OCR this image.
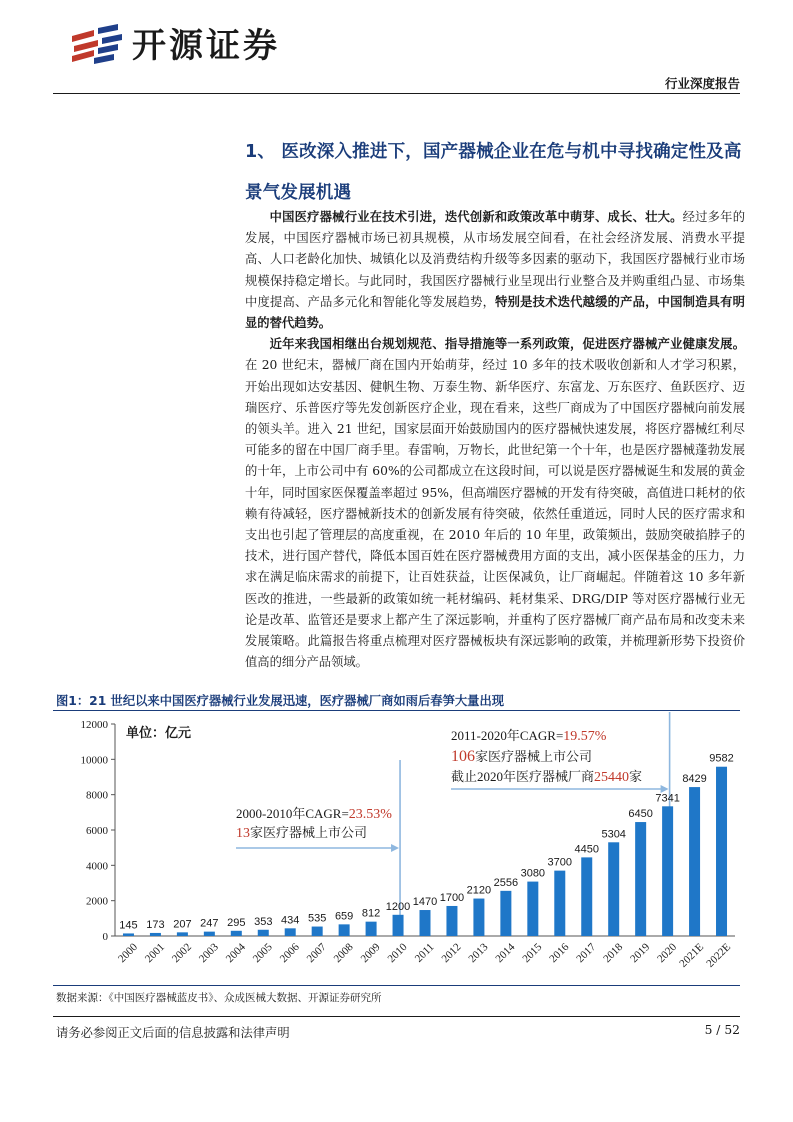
开源证券
行业深度报告
1、 医改深入推进下，国产器械企业在危与机中寻找确定性及高景气发展机遇

中国医疗器械行业在技术引进，迭代创新和政策改革中萌芽、成长、壮大。经过多年的发展，中国医疗器械市场已初具规模，从市场发展空间看，在社会经济发展、消费水平提高、人口老龄化加快、城镇化以及消费结构升级等多因素的驱动下，我国医疗器械行业市场规模保持稳定增长。与此同时，我国医疗器械行业呈现出行业整合及并购重组凸显、市场集中度提高、产品多元化和智能化等发展趋势，特别是技术迭代越缓的产品，中国制造具有明显的替代趋势。

近年来我国相继出台规划规范、指导措施等一系列政策，促进医疗器械产业健康发展。在 20 世纪末，器械厂商在国内开始萌芽，经过 10 多年的技术吸收创新和人才学习积累，开始出现如达安基因、健帆生物、万泰生物、新华医疗、东富龙、万东医疗、鱼跃医疗、迈瑞医疗、乐普医疗等先发创新医疗企业，现在看来，这些厂商成为了中国医疗器械向前发展的领头羊。进入 21 世纪，国家层面开始鼓励国内的医疗器械快速发展，将医疗器械红利尽可能多的留在中国厂商手里。春雷响，万物长，此世纪第一个十年，也是医疗器械蓬勃发展的十年，上市公司中有 60%的公司都成立在这段时间，可以说是医疗器械诞生和发展的黄金十年，同时国家医保覆盖率超过 95%，但高端医疗器械的开发有待突破，高值进口耗材的依赖有待减轻，医疗器械新技术的创新发展有待突破，依然任重道远，同时人民的医疗需求和支出也引起了管理层的高度重视，在 2010 年后的 10 年里，政策频出，鼓励突破掐脖子的技术，进行国产替代，降低本国百姓在医疗器械费用方面的支出，减小医保基金的压力，力求在满足临床需求的前提下，让百姓获益，让医保减负，让厂商崛起。伴随着这 10 多年新医改的推进，一些最新的政策如统一耗材编码、耗材集采、DRG/DIP 等对医疗器械行业无论是改革、监管还是要求上都产生了深远影响，并重构了医疗器械厂商产品布局和改变未来发展策略。此篇报告将重点梳理对医疗器械板块有深远影响的政策，并梳理新形势下投资价值高的细分产品领域。

图1：21 世纪以来中国医疗器械行业发展迅速，医疗器械厂商如雨后春笋大量出现
单位：亿元
2000-2010年CAGR=23.53%
13家医疗器械上市公司
2011-2020年CAGR=19.57%
106家医疗器械上市公司
截止2020年医疗器械厂商25440家
0
2000
4000
6000
8000
10000
12000
145
2000
173
2001
207
2002
247
2003
295
2004
353
2005
434
2006
535
2007
659
2008
812
2009
1200
2010
1470
2011
1700
2012
2120
2013
2556
2014
3080
2015
3700
2016
4450
2017
5304
2018
6450
2019
7341
2020
8429
2021E
9582
2022E
数据来源：《中国医疗器械蓝皮书》、众成医械大数据、开源证券研究所
请务必参阅正文后面的信息披露和法律声明	5 / 52
